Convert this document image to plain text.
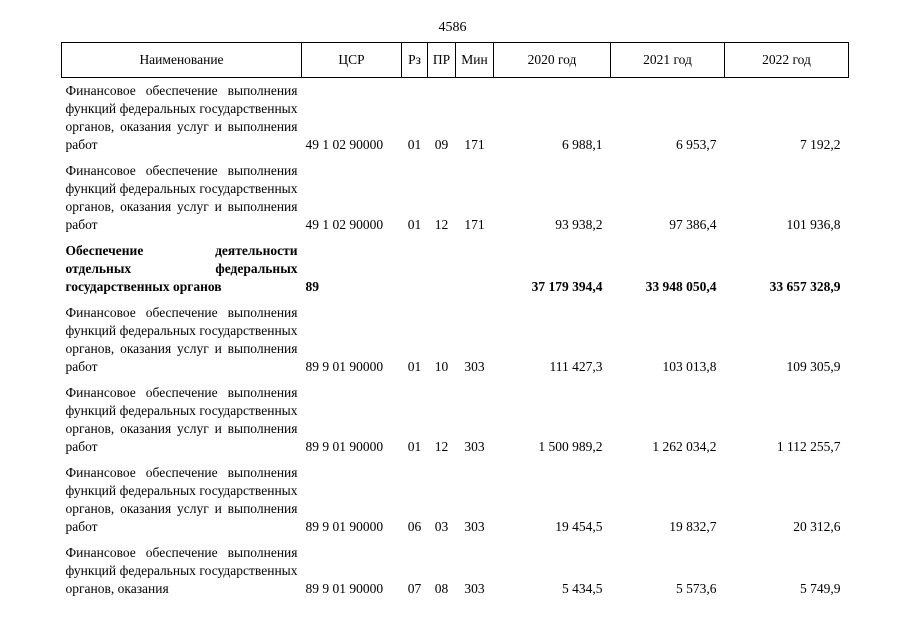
4586
Наименование	ЦСР	Рз	ПР	Мин	2020 год	2021 год	2022 год

Финансовое обеспечение выполнения функций федеральных государственных органов, оказания услуг и выполнения работ	49 1 02 90000	01	09	171	6 988,1	6 953,7	7 192,2

Финансовое обеспечение выполнения функций федеральных государственных органов, оказания услуг и выполнения работ	49 1 02 90000	01	12	171	93 938,2	97 386,4	101 936,8

Обеспечение деятельности отдельных федеральных государственных органов	89				37 179 394,4	33 948 050,4	33 657 328,9

Финансовое обеспечение выполнения функций федеральных государственных органов, оказания услуг и выполнения работ	89 9 01 90000	01	10	303	111 427,3	103 013,8	109 305,9

Финансовое обеспечение выполнения функций федеральных государственных органов, оказания услуг и выполнения работ	89 9 01 90000	01	12	303	1 500 989,2	1 262 034,2	1 112 255,7

Финансовое обеспечение выполнения функций федеральных государственных органов, оказания услуг и выполнения работ	89 9 01 90000	06	03	303	19 454,5	19 832,7	20 312,6

Финансовое обеспечение выполнения функций федеральных государственных органов, оказания	89 9 01 90000	07	08	303	5 434,5	5 573,6	5 749,9
